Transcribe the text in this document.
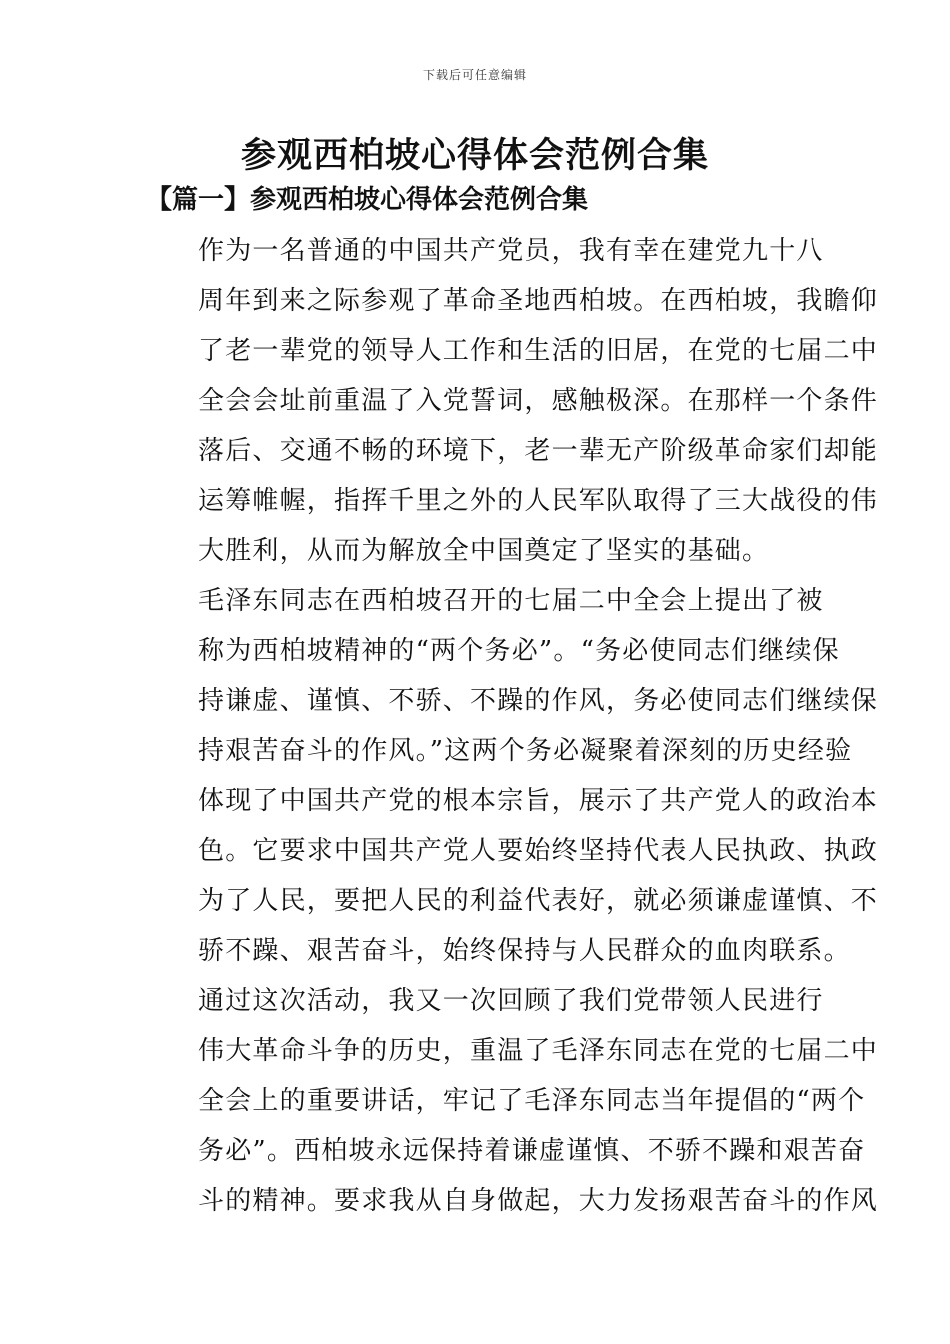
下载后可任意编辑
参观西柏坡心得体会范例合集
【篇一】参观西柏坡心得体会范例合集

作为一名普通的中国共产党员，我有幸在建党九十八
周年到来之际参观了革命圣地西柏坡。在西柏坡，我瞻仰
了老一辈党的领导人工作和生活的旧居，在党的七届二中
全会会址前重温了入党誓词，感触极深。在那样一个条件
落后、交通不畅的环境下，老一辈无产阶级革命家们却能
运筹帷幄，指挥千里之外的人民军队取得了三大战役的伟
大胜利，从而为解放全中国奠定了坚实的基础。

毛泽东同志在西柏坡召开的七届二中全会上提出了被
称为西柏坡精神的“两个务必”。“务必使同志们继续保
持谦虚、谨慎、不骄、不躁的作风，务必使同志们继续保
持艰苦奋斗的作风。”这两个务必凝聚着深刻的历史经验
体现了中国共产党的根本宗旨，展示了共产党人的政治本
色。它要求中国共产党人要始终坚持代表人民执政、执政
为了人民，要把人民的利益代表好，就必须谦虚谨慎、不
骄不躁、艰苦奋斗，始终保持与人民群众的血肉联系。

通过这次活动，我又一次回顾了我们党带领人民进行
伟大革命斗争的历史，重温了毛泽东同志在党的七届二中
全会上的重要讲话，牢记了毛泽东同志当年提倡的“两个
务必”。西柏坡永远保持着谦虚谨慎、不骄不躁和艰苦奋
斗的精神。要求我从自身做起，大力发扬艰苦奋斗的作风
